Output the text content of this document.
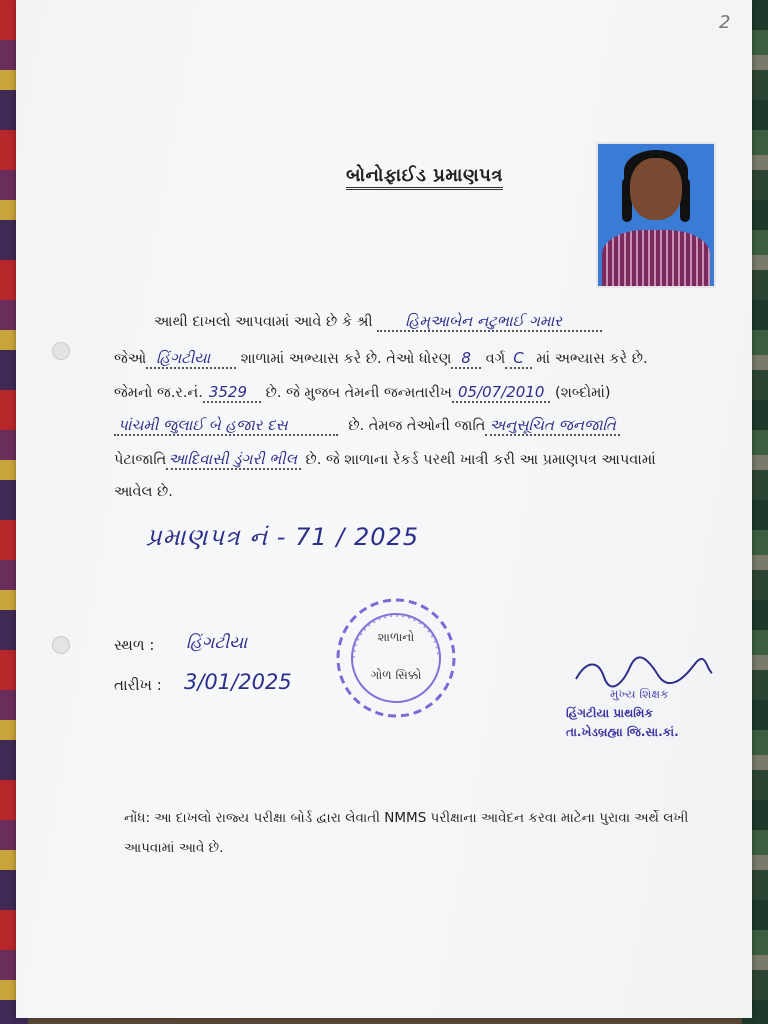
2
બોનોફાઈડ પ્રમાણપત્ર
આથી દાખલો આપવામાં આવે છે કે શ્રી હિમ્આબેન નટુભાઈ ગમાર
જેઓ હિંગટીયા શાળામાં અભ્યાસ કરે છે. તેઓ ધોરણ 8 વર્ગ C માં અભ્યાસ કરે છે.
જેમનો જ.ર.નં. 3529 છે. જે મુજબ તેમની જન્મતારીખ 05/07/2010 (શબ્દોમાં)
પાંચમી જુલાઈ બે હજાર દસ	છે. તેમજ તેઓની જાતિ અનુસૂચિત જનજાતિ
પેટાજાતિ આદિવાસી ડુંગરી ભીલ છે. જે શાળાના રેકર્ડ પરથી ખાત્રી કરી આ પ્રમાણપત્ર આપવામાં
આવેલ છે.
પ્રમાણપત્ર નં - 71 / 2025
સ્થળ : હિંગટીયા
તારીખ : 3/01/2025
શાળાનો
ગોળ સિક્કો
મુખ્ય શિક્ષક
હિંગટીયા પ્રાથમિક
તા.ખેડબ્રહ્મા જિ.સા.કાં.
નોંધ: આ દાખલો રાજ્ય પરીક્ષા બોર્ડ દ્વારા લેવાતી NMMS પરીક્ષાના આવેદન કરવા માટેના પુરાવા અર્થે લખી આપવામાં આવે છે.
